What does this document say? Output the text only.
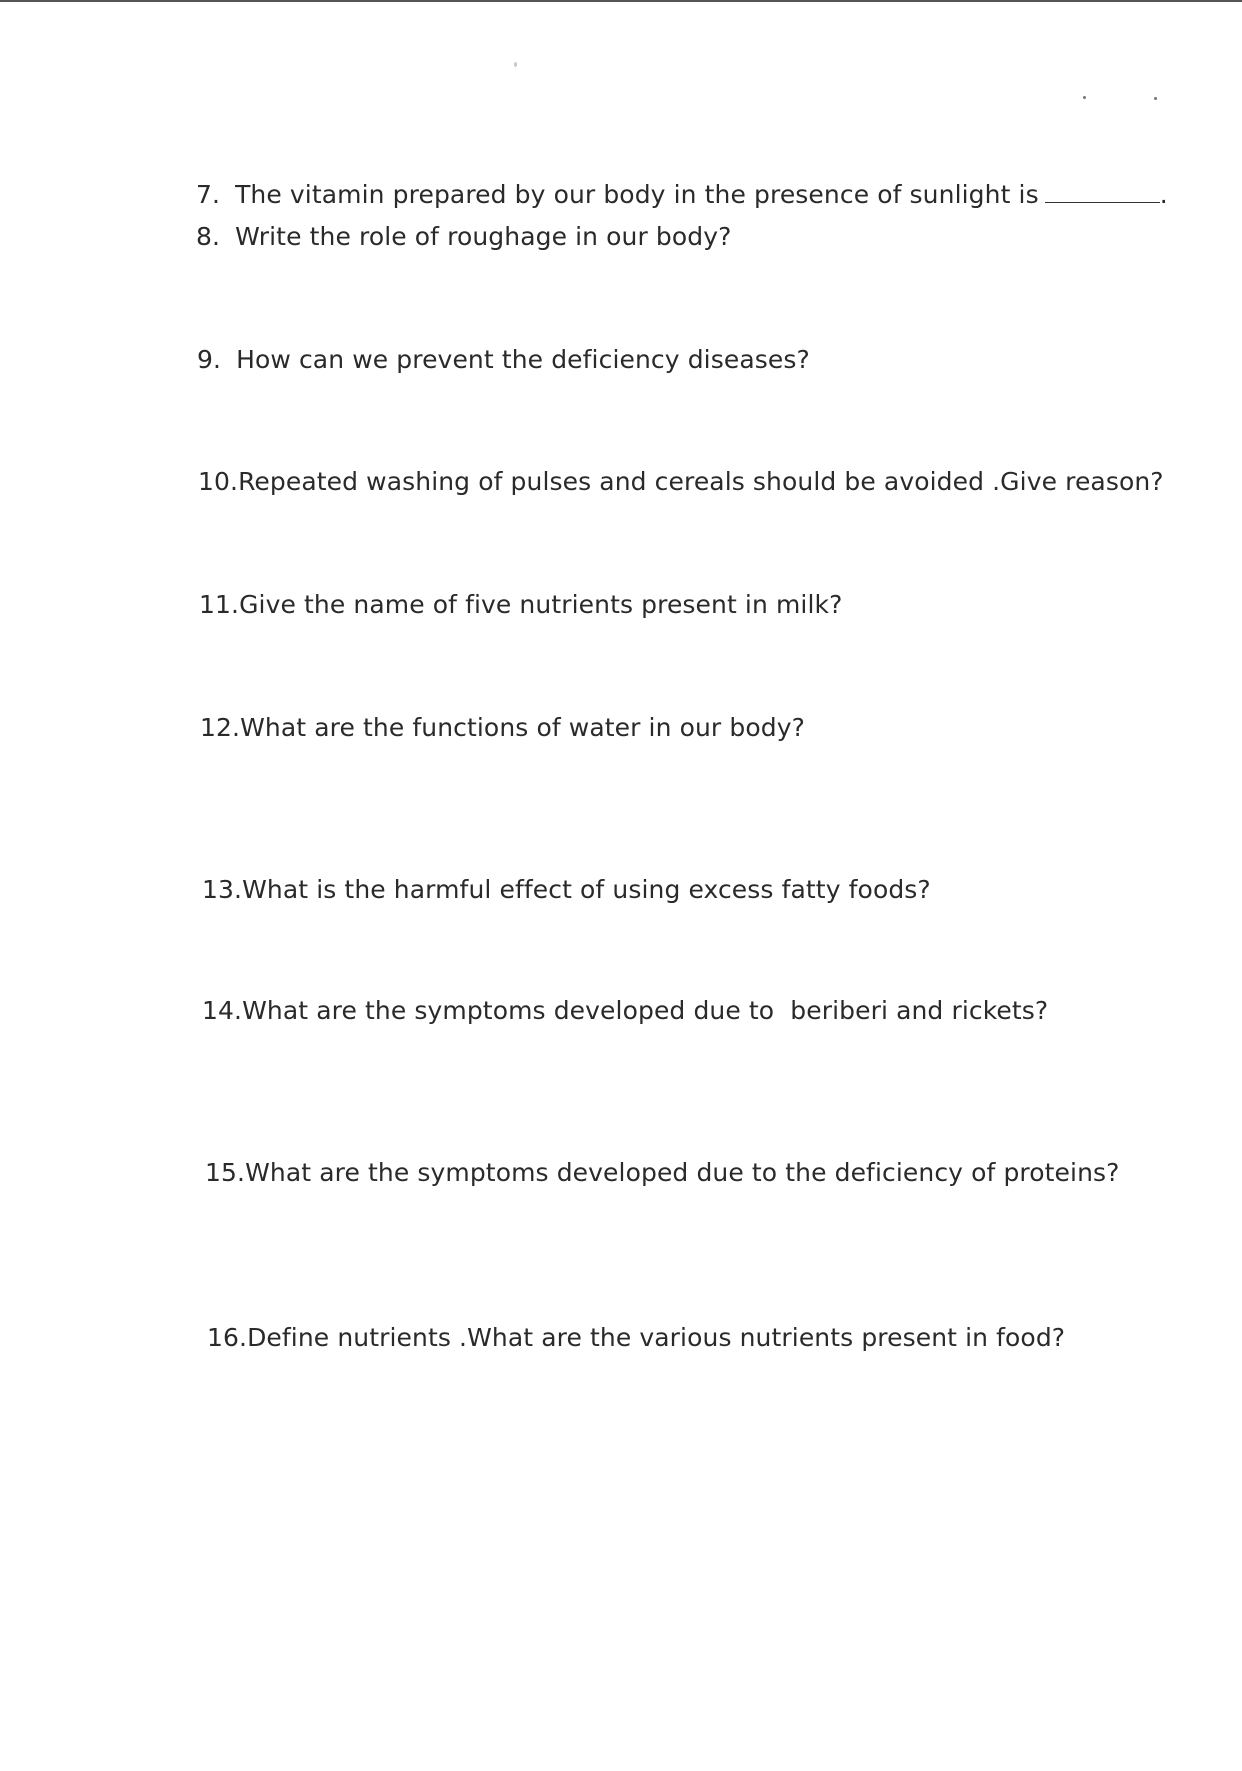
7. The vitamin prepared by our body in the presence of sunlight is	.
8. Write the role of roughage in our body?
9. How can we prevent the deficiency diseases?
10.Repeated washing of pulses and cereals should be avoided .Give reason?
11.Give the name of five nutrients present in milk?
12.What are the functions of water in our body?
13.What is the harmful effect of using excess fatty foods?
14.What are the symptoms developed due to  beriberi and rickets?
15.What are the symptoms developed due to the deficiency of proteins?
16.Define nutrients .What are the various nutrients present in food?
